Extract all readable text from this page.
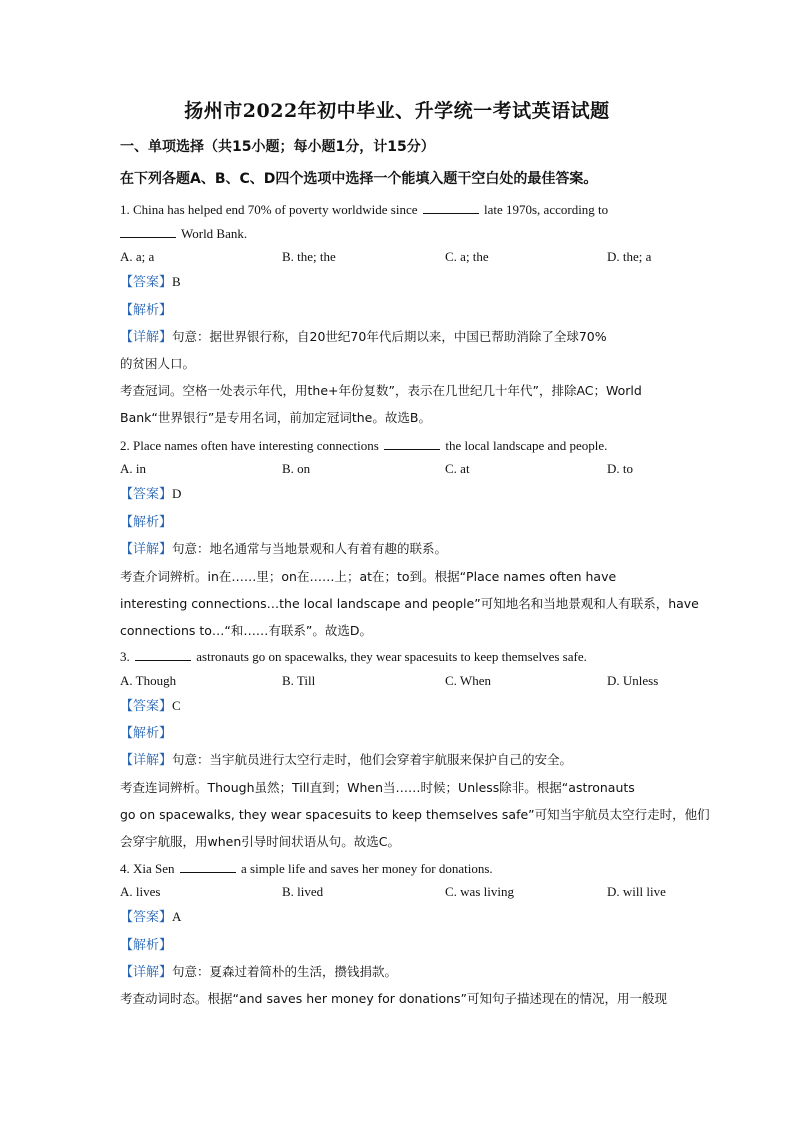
扬州市2022年初中毕业、升学统一考试英语试题
一、单项选择（共15小题；每小题1分，计15分）
在下列各题A、B、C、D四个选项中选择一个能填入题干空白处的最佳答案。
1. China has helped end 70% of poverty worldwide since	late 1970s, according to
World Bank.
A. a; a	B. the; the	C. a; the	D. the; a
【答案】B
【解析】
【详解】句意：据世界银行称，自20世纪70年代后期以来，中国已帮助消除了全球70%
的贫困人口。
考查冠词。空格一处表示年代，用the+年份复数”，表示在几世纪几十年代”，排除AC；World
Bank“世界银行”是专用名词，前加定冠词the。故选B。
2. Place names often have interesting connections	the local landscape and people.
A. in	B. on	C. at	D. to
【答案】D
【解析】
【详解】句意：地名通常与当地景观和人有着有趣的联系。
考查介词辨析。in在……里；on在……上；at在；to到。根据“Place names often have
interesting connections…the local landscape and people”可知地名和当地景观和人有联系，have
connections to…“和……有联系”。故选D。
3.	astronauts go on spacewalks, they wear spacesuits to keep themselves safe.
A. Though	B. Till	C. When	D. Unless
【答案】C
【解析】
【详解】句意：当宇航员进行太空行走时，他们会穿着宇航服来保护自己的安全。
考查连词辨析。Though虽然；Till直到；When当……时候；Unless除非。根据“astronauts
go on spacewalks, they wear spacesuits to keep themselves safe”可知当宇航员太空行走时，他们
会穿宇航服，用when引导时间状语从句。故选C。
4. Xia Sen	a simple life and saves her money for donations.
A. lives	B. lived	C. was living	D. will live
【答案】A
【解析】
【详解】句意：夏森过着简朴的生活，攒钱捐款。
考查动词时态。根据“and saves her money for donations”可知句子描述现在的情况，用一般现
